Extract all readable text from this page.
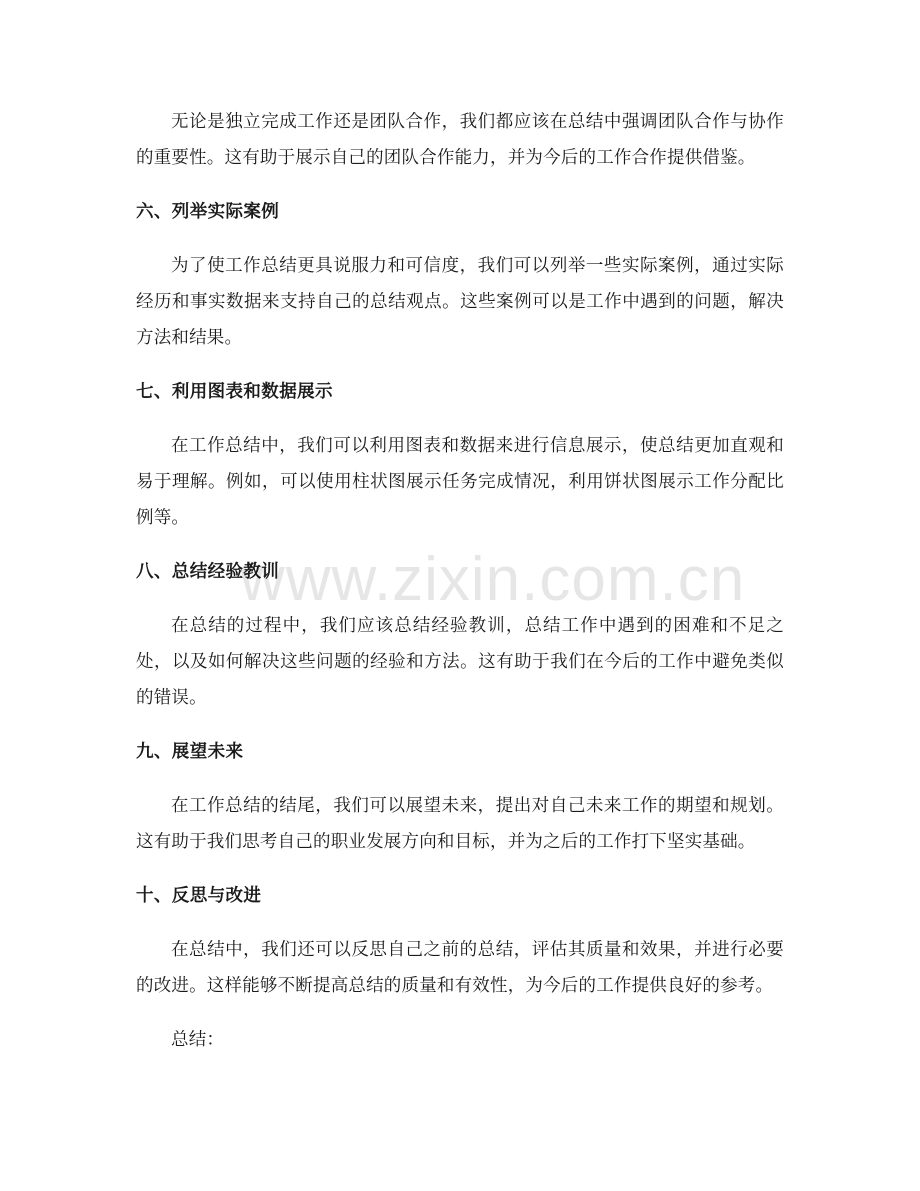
www.zixin.com.cn

无论是独立完成工作还是团队合作，我们都应该在总结中强调团队合作与协作的重要性。这有助于展示自己的团队合作能力，并为今后的工作合作提供借鉴。

六、列举实际案例

为了使工作总结更具说服力和可信度，我们可以列举一些实际案例，通过实际经历和事实数据来支持自己的总结观点。这些案例可以是工作中遇到的问题，解决方法和结果。

七、利用图表和数据展示

在工作总结中，我们可以利用图表和数据来进行信息展示，使总结更加直观和易于理解。例如，可以使用柱状图展示任务完成情况，利用饼状图展示工作分配比例等。

八、总结经验教训

在总结的过程中，我们应该总结经验教训，总结工作中遇到的困难和不足之处，以及如何解决这些问题的经验和方法。这有助于我们在今后的工作中避免类似的错误。

九、展望未来

在工作总结的结尾，我们可以展望未来，提出对自己未来工作的期望和规划。这有助于我们思考自己的职业发展方向和目标，并为之后的工作打下坚实基础。

十、反思与改进

在总结中，我们还可以反思自己之前的总结，评估其质量和效果，并进行必要的改进。这样能够不断提高总结的质量和有效性，为今后的工作提供良好的参考。

总结：
